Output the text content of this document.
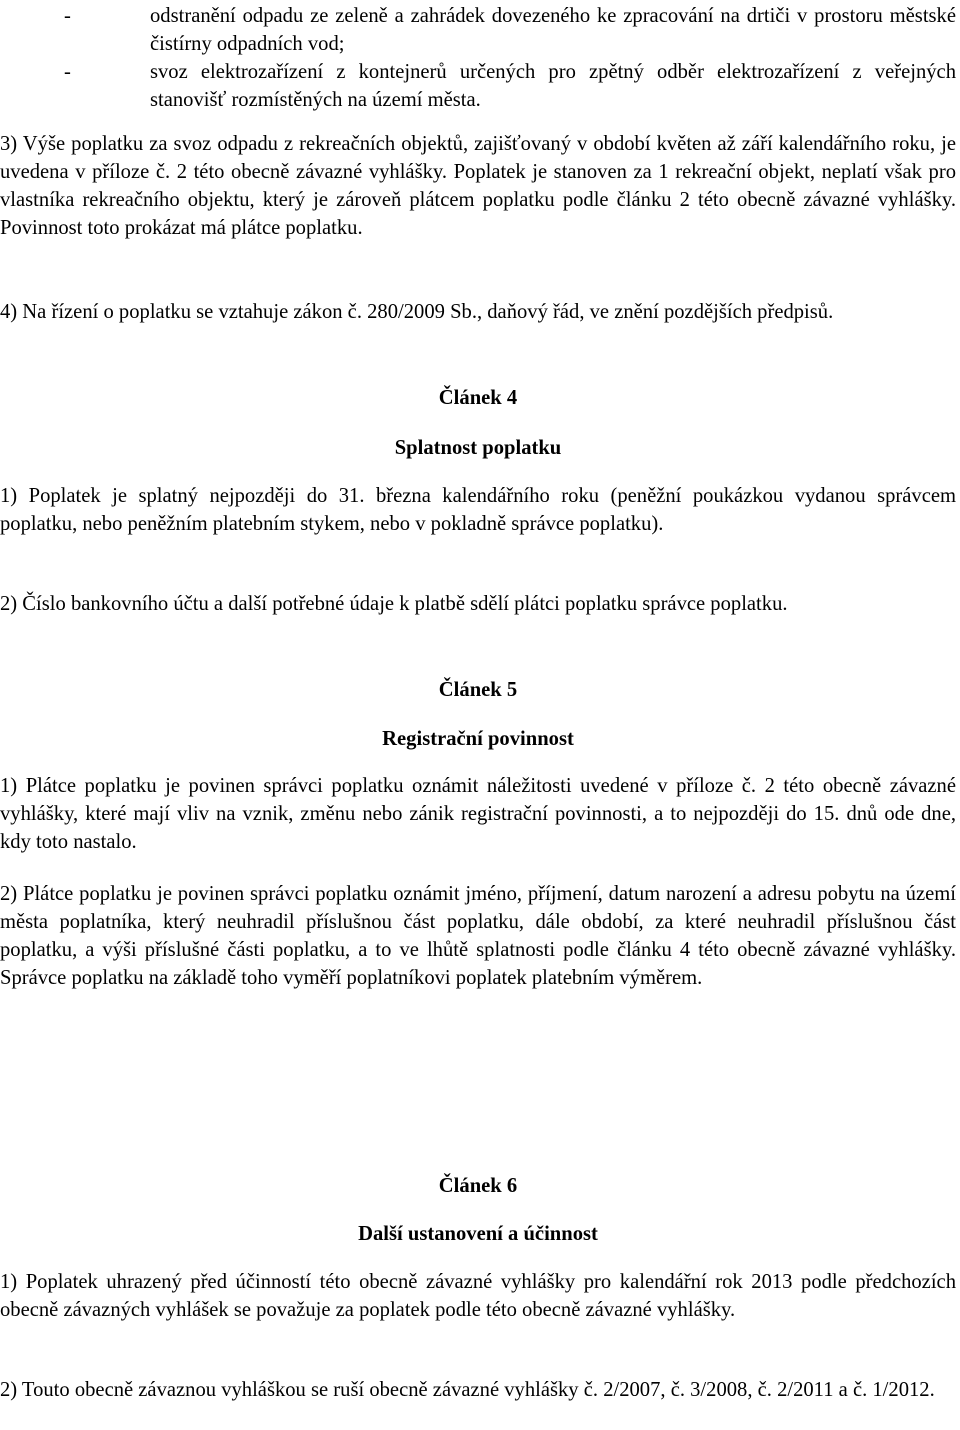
-	odstranění odpadu ze zeleně a zahrádek dovezeného ke zpracování na drtiči v prostoru městské čistírny odpadních vod;
-	svoz elektrozařízení z kontejnerů určených pro zpětný odběr elektrozařízení z veřejných stanovišť rozmístěných na území města.

3) Výše poplatku za svoz odpadu z rekreačních objektů, zajišťovaný v období květen až září kalendářního roku, je uvedena v příloze č. 2 této obecně závazné vyhlášky. Poplatek je stanoven za 1 rekreační objekt, neplatí však pro vlastníka rekreačního objektu, který je zároveň plátcem poplatku podle článku 2 této obecně závazné vyhlášky. Povinnost toto prokázat má plátce poplatku.

4) Na řízení o poplatku se vztahuje zákon č. 280/2009 Sb., daňový řád, ve znění pozdějších předpisů.

Článek 4
Splatnost poplatku

1) Poplatek je splatný nejpozději do 31. března kalendářního roku (peněžní poukázkou vydanou správcem poplatku, nebo peněžním platebním stykem, nebo v pokladně správce poplatku).

2) Číslo bankovního účtu a další potřebné údaje k platbě sdělí plátci poplatku správce poplatku.

Článek 5
Registrační povinnost

1) Plátce poplatku je povinen správci poplatku oznámit náležitosti uvedené v příloze č. 2 této obecně závazné vyhlášky, které mají vliv na vznik, změnu nebo zánik registrační povinnosti, a to nejpozději do 15. dnů ode dne, kdy toto nastalo.

2) Plátce poplatku je povinen správci poplatku oznámit jméno, příjmení, datum narození a adresu pobytu na území města poplatníka, který neuhradil příslušnou část poplatku, dále období, za které neuhradil příslušnou část poplatku, a výši příslušné části poplatku, a to ve lhůtě splatnosti podle článku 4 této obecně závazné vyhlášky. Správce poplatku na základě toho vyměří poplatníkovi poplatek platebním výměrem.

Článek 6
Další ustanovení a účinnost

1) Poplatek uhrazený před účinností této obecně závazné vyhlášky pro kalendářní rok 2013 podle předchozích obecně závazných vyhlášek se považuje za poplatek podle této obecně závazné vyhlášky.

2) Touto obecně závaznou vyhláškou se ruší obecně závazné vyhlášky č. 2/2007, č. 3/2008, č. 2/2011 a č. 1/2012.
